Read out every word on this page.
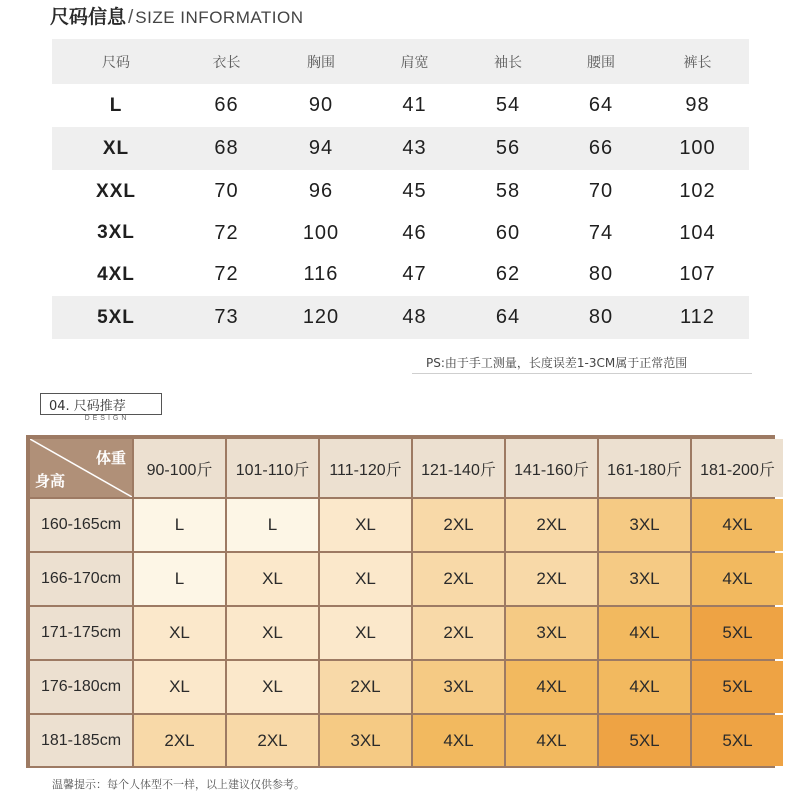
尺码信息 / SIZE INFORMATION
尺码	衣长	胸围	肩宽	袖长	腰围	裤长
L	66	90	41	54	64	98
XL	68	94	43	56	66	100
XXL	70	96	45	58	70	102
3XL	72	100	46	60	74	104
4XL	72	116	47	62	80	107
5XL	73	120	48	64	80	112
PS:由于手工测量，长度误差1-3CM属于正常范围
04. 尺码推荐
DESIGN
体重
身高
90-100斤	101-110斤	111-120斤	121-140斤	141-160斤	161-180斤	181-200斤
160-165cm	L	L	XL	2XL	2XL	3XL	4XL
166-170cm	L	XL	XL	2XL	2XL	3XL	4XL
171-175cm	XL	XL	XL	2XL	3XL	4XL	5XL
176-180cm	XL	XL	2XL	3XL	4XL	4XL	5XL
181-185cm	2XL	2XL	3XL	4XL	4XL	5XL	5XL
温馨提示：每个人体型不一样，以上建议仅供参考。
